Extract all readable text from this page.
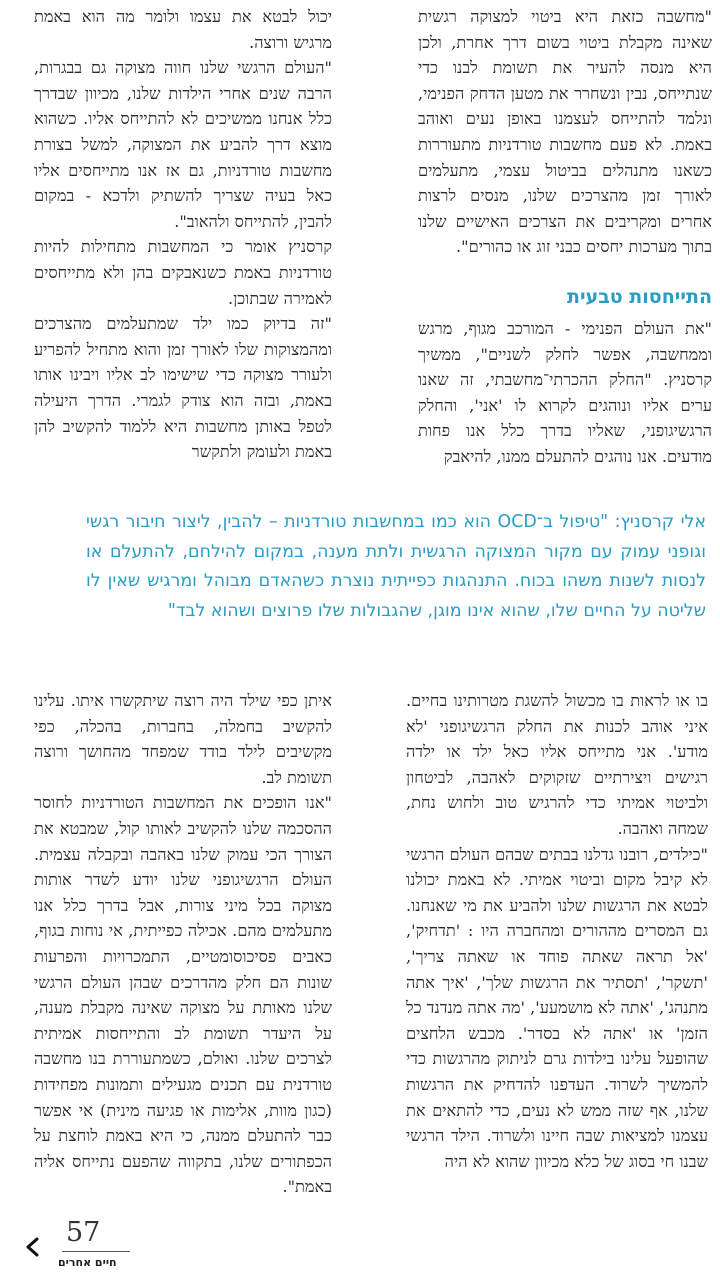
"מחשבה כזאת היא ביטוי למצוקה רגשית שאינה מקבלת ביטוי בשום דרך אחרת, ולכן היא מנסה להעיר את תשומת לבנו כדי שנתייחס, נבין ונשחרר את מטען הדחק הפנימי, ונלמד להתייחס לעצמנו באופן נעים ואוהב באמת. לא פעם מחשבות טורדניות מתעוררות כשאנו מתנהלים בביטול עצמי, מתעלמים לאורך זמן מהצרכים שלנו, מנסים לרצות אחרים ומקריבים את הצרכים האישיים שלנו בתוך מערכות יחסים כבני זוג או כהורים".

התייחסות טבעית

"את העולם הפנימי - המורכב מגוף, מרגש וממחשבה, אפשר לחלק לשניים", ממשיך קרסניץ. "החלק ההכרתי־מחשבתי, זה שאנו ערים אליו ונוהגים לקרוא לו 'אני', והחלק הרגשיגופני, שאליו בדרך כלל אנו פחות מודעים. אנו נוהגים להתעלם ממנו, להיאבק

יכול לבטא את עצמו ולומר מה הוא באמת מרגיש ורוצה.

"העולם הרגשי שלנו חווה מצוקה גם בבגרות, הרבה שנים אחרי הילדות שלנו, מכיוון שבדרך כלל אנחנו ממשיכים לא להתייחס אליו. כשהוא מוצא דרך להביע את המצוקה, למשל בצורת מחשבות טורדניות, גם אז אנו מתייחסים אליו כאל בעיה שצריך להשתיק ולדכא - במקום להבין, להתייחס ולהאוב".

קרסניץ אומר כי המחשבות מתחילות להיות טורדניות באמת כשנאבקים בהן ולא מתייחסים לאמירה שבתוכן.

"זה בדיוק כמו ילד שמתעלמים מהצרכים ומהמצוקות שלו לאורך זמן והוא מתחיל להפריע ולעורר מצוקה כדי שישימו לב אליו ויבינו אותו באמת, ובזה הוא צודק לגמרי. הדרך היעילה לטפל באותן מחשבות היא ללמוד להקשיב להן באמת ולעומק ולתקשר

אלי קרסניץ: "טיפול ב־OCD הוא כמו במחשבות טורדניות – להבין, ליצור חיבור רגשי וגופני עמוק עם מקור המצוקה הרגשית ולתת מענה, במקום להילחם, להתעלם או לנסות לשנות משהו בכוח. התנהגות כפייתית נוצרת כשהאדם מבוהל ומרגיש שאין לו שליטה על החיים שלו, שהוא אינו מוגן, שהגבולות שלו פרוצים ושהוא לבד"

בו או לראות בו מכשול להשגת מטרותינו בחיים. איני אוהב לכנות את החלק הרגשיגופני 'לא מודע'. אני מתייחס אליו כאל ילד או ילדה רגישים ויצירתיים שזקוקים לאהבה, לביטחון ולביטוי אמיתי כדי להרגיש טוב ולחוש נחת, שמחה ואהבה.

"כילדים, רובנו גדלנו בבתים שבהם העולם הרגשי לא קיבל מקום וביטוי אמיתי. לא באמת יכולנו לבטא את הרגשות שלנו ולהביע את מי שאנחנו. גם המסרים מההורים ומהחברה היו : 'תדחיק', 'אל תראה שאתה פוחד או שאתה צריך', 'תשקר', 'תסתיר את הרגשות שלך', 'איך אתה מתנהג', 'אתה לא מושמעע', 'מה אתה מנדנד כל הזמן' או 'אתה לא בסדר'. מכבש הלחצים שהופעל עלינו בילדות גרם לניתוק מהרגשות כדי להמשיך לשרוד. העדפנו להדחיק את הרגשות שלנו, אף שזה ממש לא נעים, כדי להתאים את עצמנו למציאות שבה חיינו ולשרוד. הילד הרגשי שבנו חי בסוג של כלא מכיוון שהוא לא היה

איתן כפי שילד היה רוצה שיתקשרו איתו. עלינו להקשיב בחמלה, בחברות, בהכלה, כפי מקשיבים לילד בודד שמפחד מהחושך ורוצה תשומת לב.

"אנו הופכים את המחשבות הטורדניות לחוסר ההסכמה שלנו להקשיב לאותו קול, שמבטא את הצורך הכי עמוק שלנו באהבה ובקבלה עצמית. העולם הרגשיגופני שלנו יודע לשדר אותות מצוקה בכל מיני צורות, אבל בדרך כלל אנו מתעלמים מהם. אכילה כפייתית, אי נוחות בגוף, כאבים פסיכוסומטיים, התמכרויות והפרעות שונות הם חלק מהדרכים שבהן העולם הרגשי שלנו מאותת על מצוקה שאינה מקבלת מענה, על היעדר תשומת לב והתייחסות אמיתית לצרכים שלנו. ואולם, כשמתעוררת בנו מחשבה טורדנית עם תכנים מגעילים ותמונות מפחידות (כגון מוות, אלימות או פגיעה מינית) אי אפשר כבר להתעלם ממנה, כי היא באמת לוחצת על הכפתורים שלנו, בתקווה שהפעם נתייחס אליה באמת".

57
חיים אחרים
